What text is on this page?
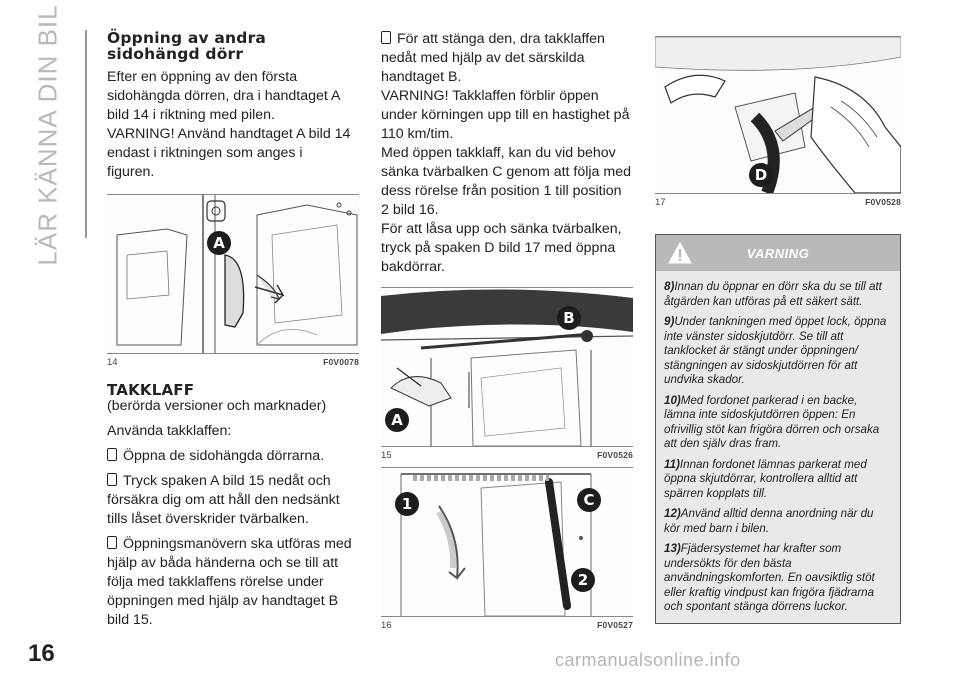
LÄR KÄNNA DIN BIL	Öppning av andra
sidohängd dörr

Efter en öppning av den första sidohängda dörren, dra i handtaget A bild 14 i riktning med pilen.

VARNING! Använd handtaget A bild 14 endast i riktningen som anges i figuren.

A
14	F0V0078
TAKKLAFF

(berörda versioner och marknader)

Använda takklaffen:

Öppna de sidohängda dörrarna.

Tryck spaken A bild 15 nedåt och försäkra dig om att håll den nedsänkt tills låset överskrider tvärbalken.

Öppningsmanövern ska utföras med hjälp av båda händerna och se till att följa med takklaffens rörelse under öppningen med hjälp av handtaget B bild 15.

För att stänga den, dra takklaffen nedåt med hjälp av det särskilda handtaget B.

VARNING! Takklaffen förblir öppen under körningen upp till en hastighet på 110 km/tim.

Med öppen takklaff, kan du vid behov sänka tvärbalken C genom att följa med dess rörelse från position 1 till position 2 bild 16.

För att låsa upp och sänka tvärbalken, tryck på spaken D bild 17 med öppna bakdörrar.

B
A
15	F0V0526
1	C
2
16	F0V0527
D
17	F0V0528
VARNING

8)Innan du öppnar en dörr ska du se till att åtgärden kan utföras på ett säkert sätt.

9)Under tankningen med öppet lock, öppna inte vänster sidoskjutdörr. Se till att tanklocket är stängt under öppningen/ stängningen av sidoskjutdörren för att undvika skador.

10)Med fordonet parkerad i en backe, lämna inte sidoskjutdörren öppen: En ofrivillig stöt kan frigöra dörren och orsaka att den själv dras fram.

11)Innan fordonet lämnas parkerat med öppna skjutdörrar, kontrollera alltid att spärren kopplats till.

12)Använd alltid denna anordning när du kör med barn i bilen.

13)Fjädersystemet har krafter som undersökts för den bästa användningskomforten. En oavsiktlig stöt eller kraftig vindpust kan frigöra fjädrarna och spontant stänga dörrens luckor.

16	carmanualsonline.info
